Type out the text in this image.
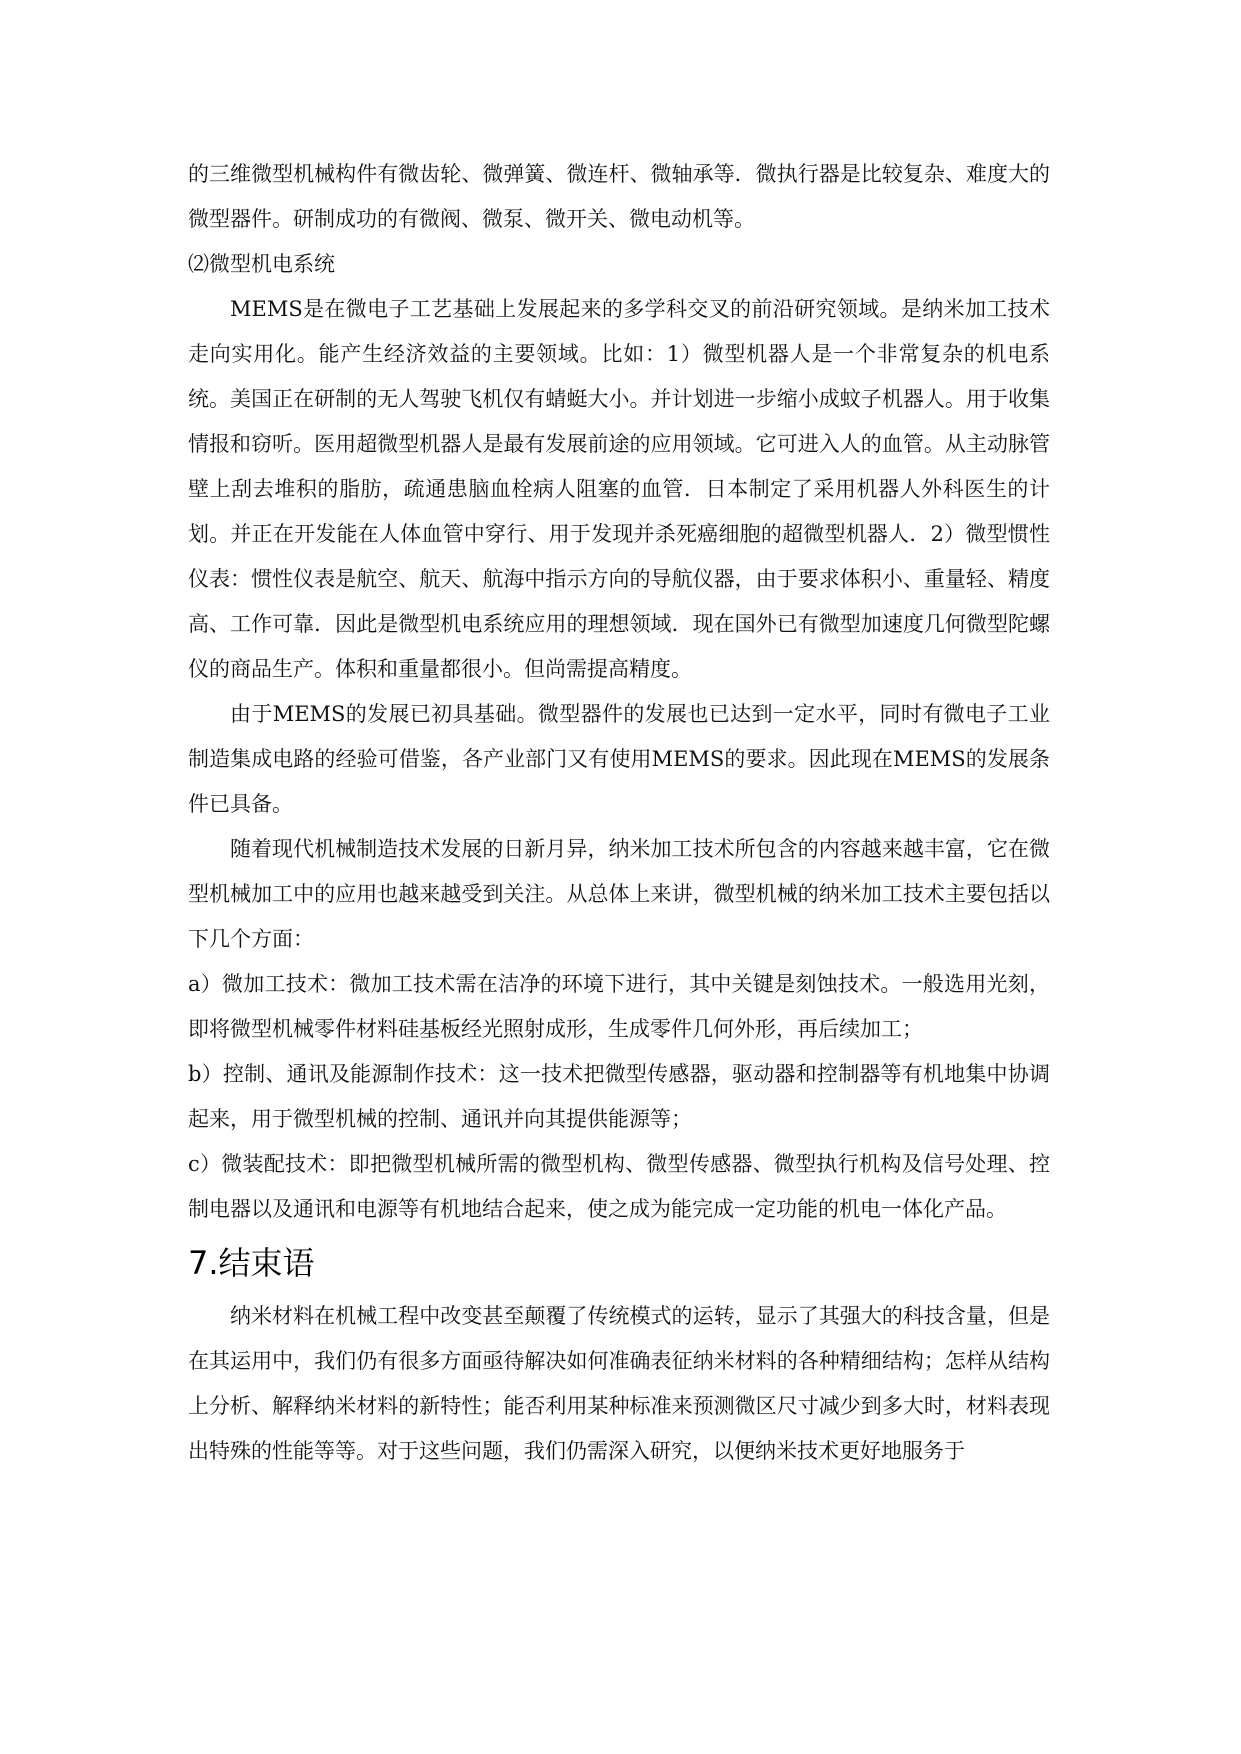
的三维微型机械构件有微齿轮、微弹簧、微连杆、微轴承等．微执行器是比较复杂、难度大的微型器件。研制成功的有微阀、微泵、微开关、微电动机等。

⑵微型机电系统

MEMS是在微电子工艺基础上发展起来的多学科交叉的前沿研究领域。是纳米加工技术走向实用化。能产生经济效益的主要领域。比如：1）微型机器人是一个非常复杂的机电系统。美国正在研制的无人驾驶飞机仅有蜻蜓大小。并计划进一步缩小成蚊子机器人。用于收集情报和窃听。医用超微型机器人是最有发展前途的应用领域。它可进入人的血管。从主动脉管壁上刮去堆积的脂肪，疏通患脑血栓病人阻塞的血管．日本制定了采用机器人外科医生的计划。并正在开发能在人体血管中穿行、用于发现并杀死癌细胞的超微型机器人．2）微型惯性仪表：惯性仪表是航空、航天、航海中指示方向的导航仪器，由于要求体积小、重量轻、精度高、工作可靠．因此是微型机电系统应用的理想领域．现在国外已有微型加速度几何微型陀螺仪的商品生产。体积和重量都很小。但尚需提高精度。

由于MEMS的发展已初具基础。微型器件的发展也已达到一定水平，同时有微电子工业制造集成电路的经验可借鉴，各产业部门又有使用MEMS的要求。因此现在MEMS的发展条件已具备。

随着现代机械制造技术发展的日新月异，纳米加工技术所包含的内容越来越丰富，它在微型机械加工中的应用也越来越受到关注。从总体上来讲，微型机械的纳米加工技术主要包括以下几个方面：

a）微加工技术：微加工技术需在洁净的环境下进行，其中关键是刻蚀技术。一般选用光刻，即将微型机械零件材料硅基板经光照射成形，生成零件几何外形，再后续加工；

b）控制、通讯及能源制作技术：这一技术把微型传感器，驱动器和控制器等有机地集中协调起来，用于微型机械的控制、通讯并向其提供能源等；

c）微装配技术：即把微型机械所需的微型机构、微型传感器、微型执行机构及信号处理、控制电器以及通讯和电源等有机地结合起来，使之成为能完成一定功能的机电一体化产品。

7.结束语

纳米材料在机械工程中改变甚至颠覆了传统模式的运转，显示了其强大的科技含量，但是在其运用中，我们仍有很多方面亟待解决如何准确表征纳米材料的各种精细结构；怎样从结构上分析、解释纳米材料的新特性；能否利用某种标准来预测微区尺寸减少到多大时，材料表现出特殊的性能等等。对于这些问题，我们仍需深入研究，以便纳米技术更好地服务于
